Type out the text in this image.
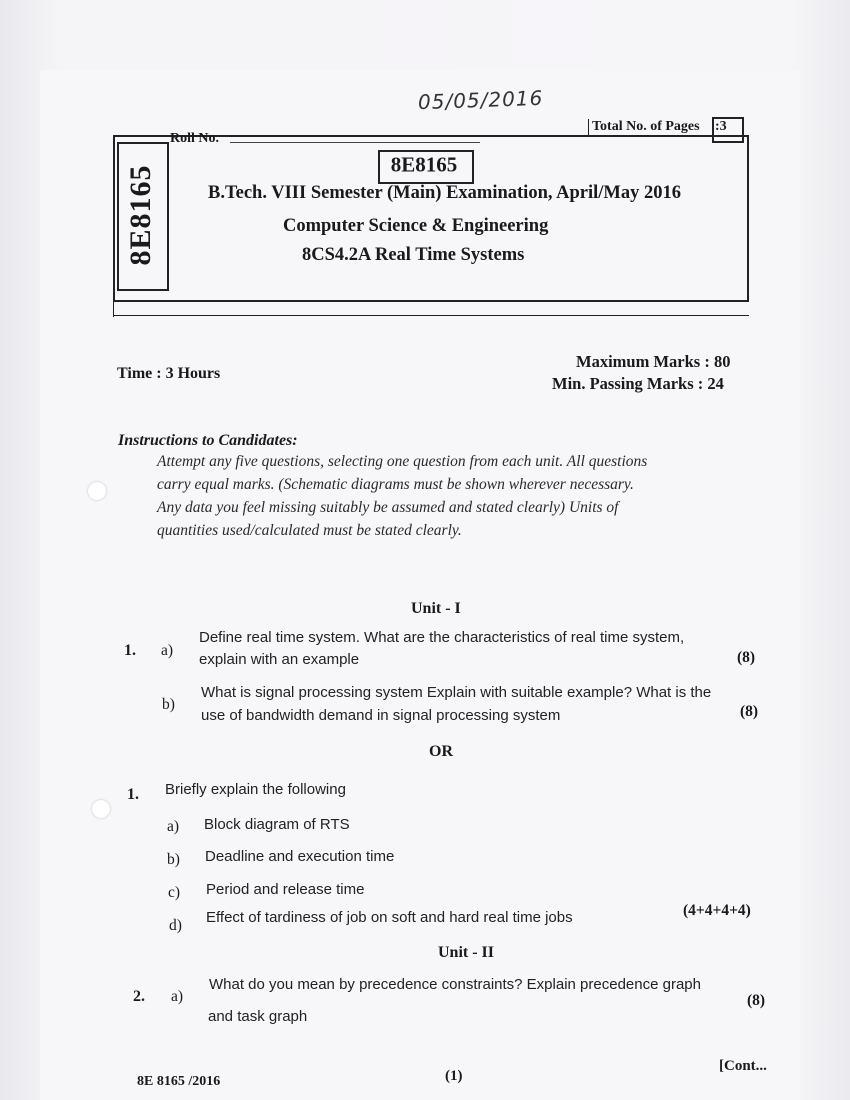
05/05/2016
8E8165
Roll No.
Total No. of Pages :3
8E8165
B.Tech. VIII Semester (Main) Examination, April/May 2016
Computer Science & Engineering
8CS4.2A Real Time Systems
Time : 3 Hours
Maximum Marks : 80
Min. Passing Marks : 24
Instructions to Candidates:
Attempt any five questions, selecting one question from each unit. All questions
carry equal marks. (Schematic diagrams must be shown wherever necessary.
Any data you feel missing suitably be assumed and stated clearly) Units of
quantities used/calculated must be stated clearly.
Unit - I
1. a)
Define real time system. What are the characteristics of real time system,
explain with an example	(8)
b)
What is signal processing system Explain with suitable example? What is the
use of bandwidth demand in signal processing system	(8)
OR
1. Briefly explain the following
a) Block diagram of RTS
b) Deadline and execution time
c) Period and release time
d) Effect of tardiness of job on soft and hard real time jobs	(4+4+4+4)
Unit - II
2. a)
What do you mean by precedence constraints? Explain precedence graph
and task graph
(8)
8E 8165 /2016	(1)
[Cont...
